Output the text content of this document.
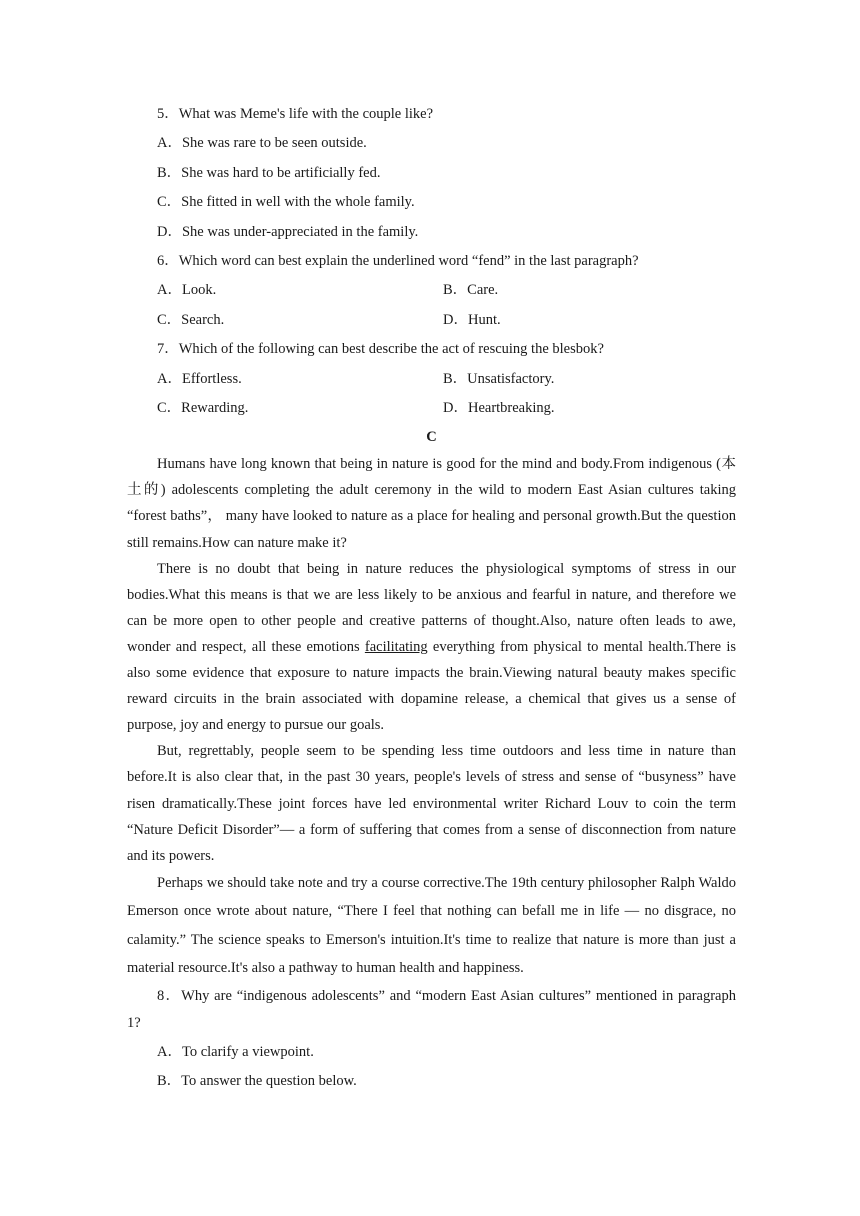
5．What was Meme's life with the couple like?
A．She was rare to be seen outside.
B．She was hard to be artificially fed.
C．She fitted in well with the whole family.
D．She was under-appreciated in the family.
6．Which word can best explain the underlined word “fend” in the last paragraph?
A．Look.	B．Care.
C．Search.	D．Hunt.
7．Which of the following can best describe the act of rescuing the blesbok?
A．Effortless.	B．Unsatisfactory.
C．Rewarding.	D．Heartbreaking.
C

Humans have long known that being in nature is good for the mind and body.From indigenous (本土的) adolescents completing the adult ceremony in the wild to modern East Asian cultures taking “forest baths”， many have looked to nature as a place for healing and personal growth.But the question still remains.How can nature make it?

There is no doubt that being in nature reduces the physiological symptoms of stress in our bodies.What this means is that we are less likely to be anxious and fearful in nature, and therefore we can be more open to other people and creative patterns of thought.Also, nature often leads to awe, wonder and respect, all these emotions facilitating everything from physical to mental health.There is also some evidence that exposure to nature impacts the brain.Viewing natural beauty makes specific reward circuits in the brain associated with dopamine release, a chemical that gives us a sense of purpose, joy and energy to pursue our goals.

But, regrettably, people seem to be spending less time outdoors and less time in nature than before.It is also clear that, in the past 30 years, people's levels of stress and sense of “busyness” have risen dramatically.These joint forces have led environmental writer Richard Louv to coin the term “Nature Deficit Disorder”— a form of suffering that comes from a sense of disconnection from nature and its powers.

Perhaps we should take note and try a course corrective.The 19th century philosopher Ralph Waldo Emerson once wrote about nature, “There I feel that nothing can befall me in life — no disgrace, no calamity.” The science speaks to Emerson's intuition.It's time to realize that nature is more than just a material resource.It's also a pathway to human health and happiness.

8．Why are “indigenous adolescents” and “modern East Asian cultures” mentioned in paragraph 1?

A．To clarify a viewpoint.
B．To answer the question below.
